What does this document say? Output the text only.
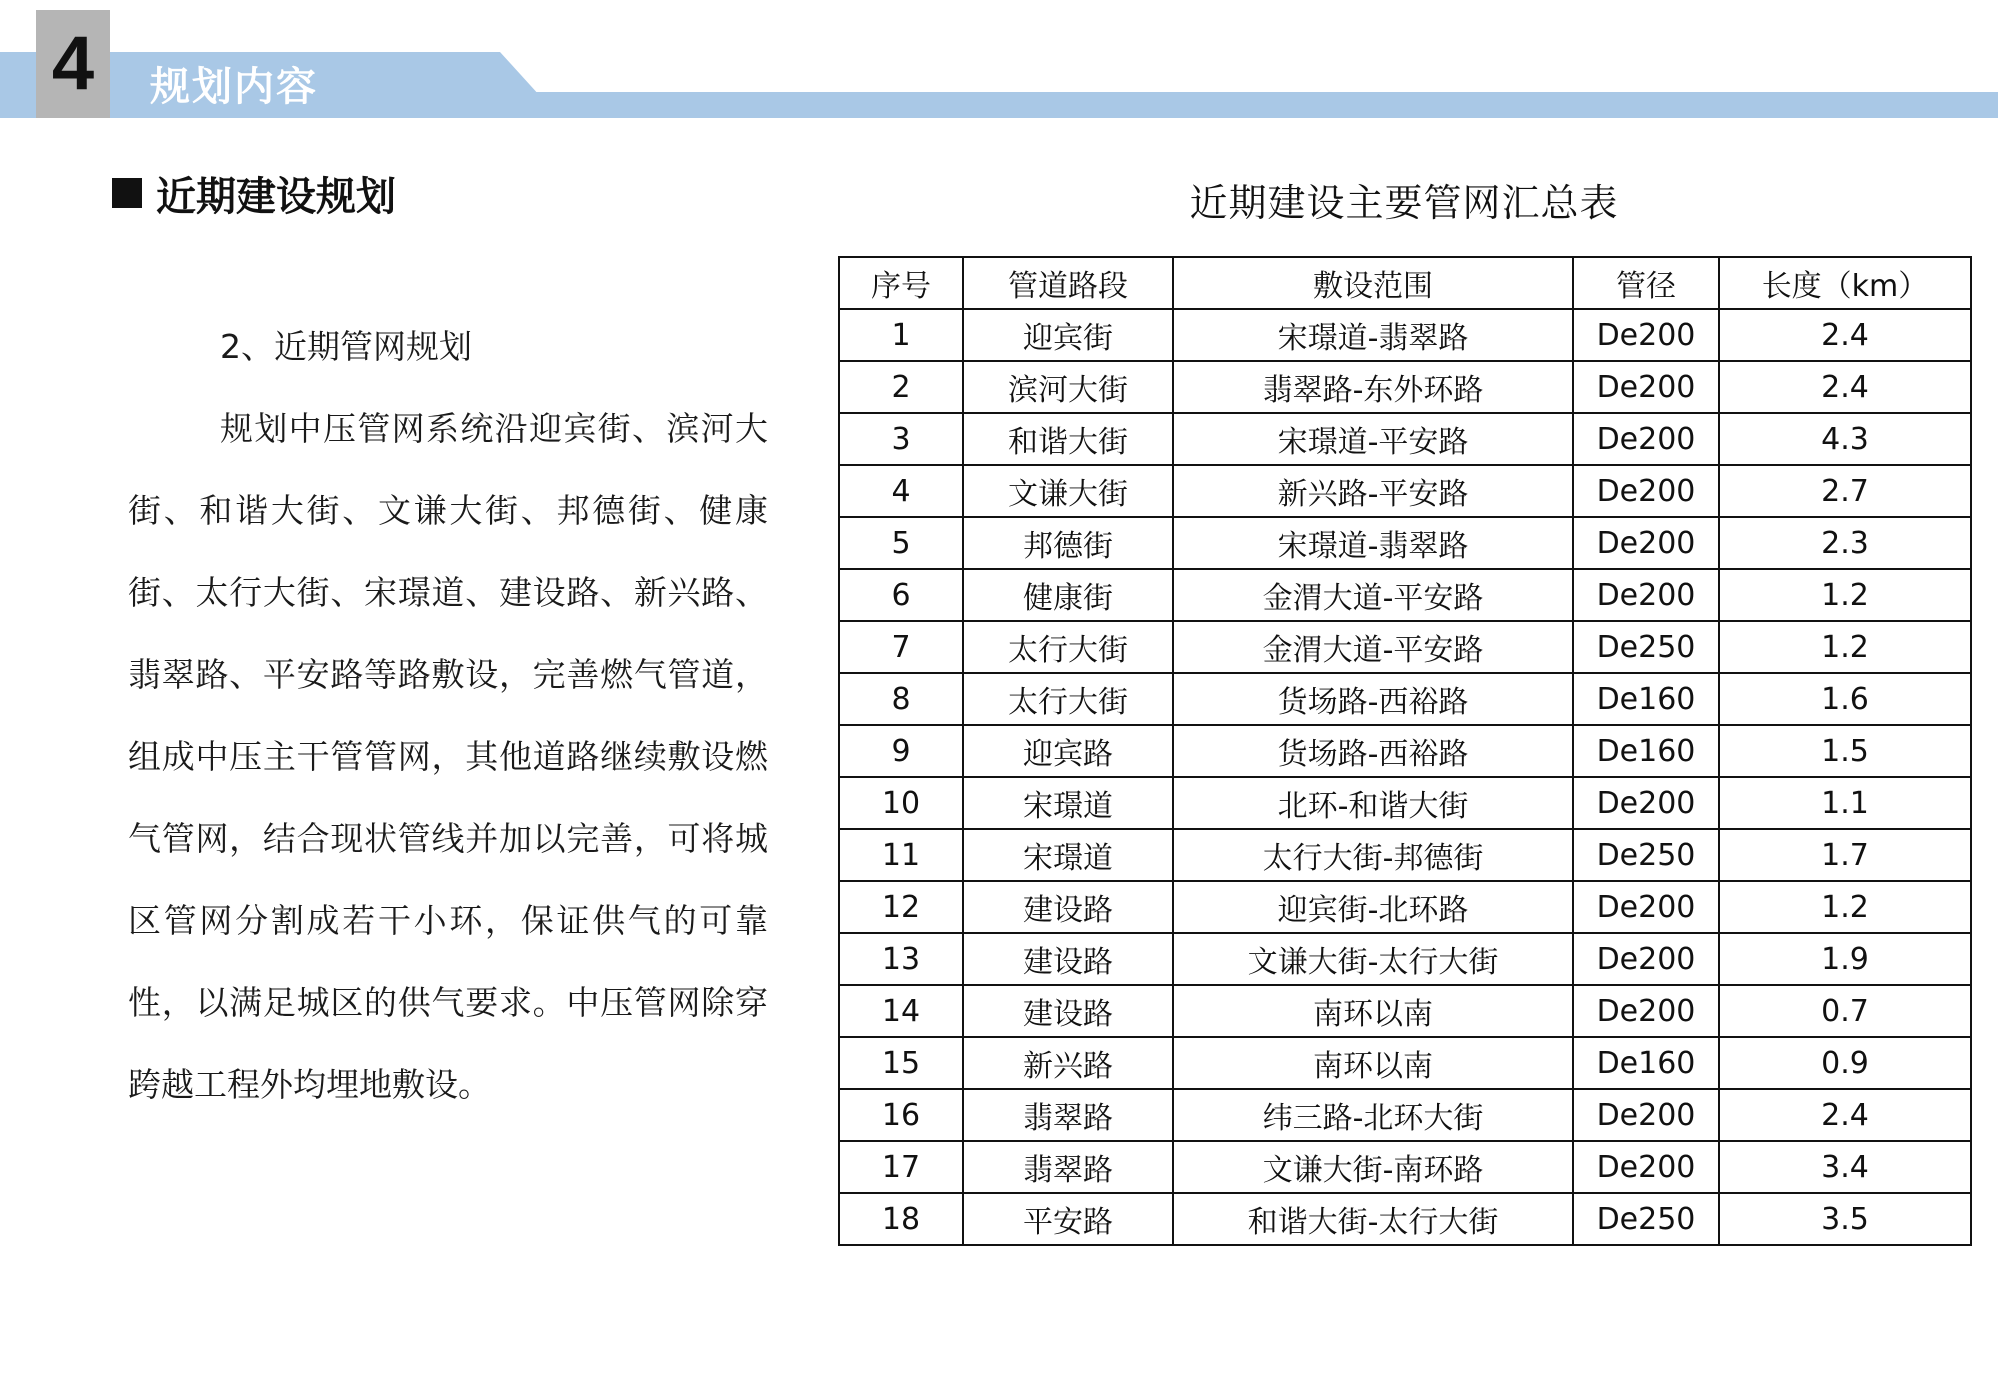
4 规划内容
近期建设规划

2、近期管网规划

规划中压管网系统沿迎宾街、滨河大街、和谐大街、文谦大街、邦德街、健康街、太行大街、宋璟道、建设路、新兴路、翡翠路、平安路等路敷设，完善燃气管道，组成中压主干管管网，其他道路继续敷设燃气管网，结合现状管线并加以完善，可将城区管网分割成若干小环，保证供气的可靠性，以满足城区的供气要求。中压管网除穿跨越工程外均埋地敷设。

近期建设主要管网汇总表
序号	管道路段	敷设范围	管径	长度（km）
1	迎宾街	宋璟道-翡翠路	De200	2.4
2	滨河大街	翡翠路-东外环路	De200	2.4
3	和谐大街	宋璟道-平安路	De200	4.3
4	文谦大街	新兴路-平安路	De200	2.7
5	邦德街	宋璟道-翡翠路	De200	2.3
6	健康街	金渭大道-平安路	De200	1.2
7	太行大街	金渭大道-平安路	De250	1.2
8	太行大街	货场路-西裕路	De160	1.6
9	迎宾路	货场路-西裕路	De160	1.5
10	宋璟道	北环-和谐大街	De200	1.1
11	宋璟道	太行大街-邦德街	De250	1.7
12	建设路	迎宾街-北环路	De200	1.2
13	建设路	文谦大街-太行大街	De200	1.9
14	建设路	南环以南	De200	0.7
15	新兴路	南环以南	De160	0.9
16	翡翠路	纬三路-北环大街	De200	2.4
17	翡翠路	文谦大街-南环路	De200	3.4
18	平安路	和谐大街-太行大街	De250	3.5
